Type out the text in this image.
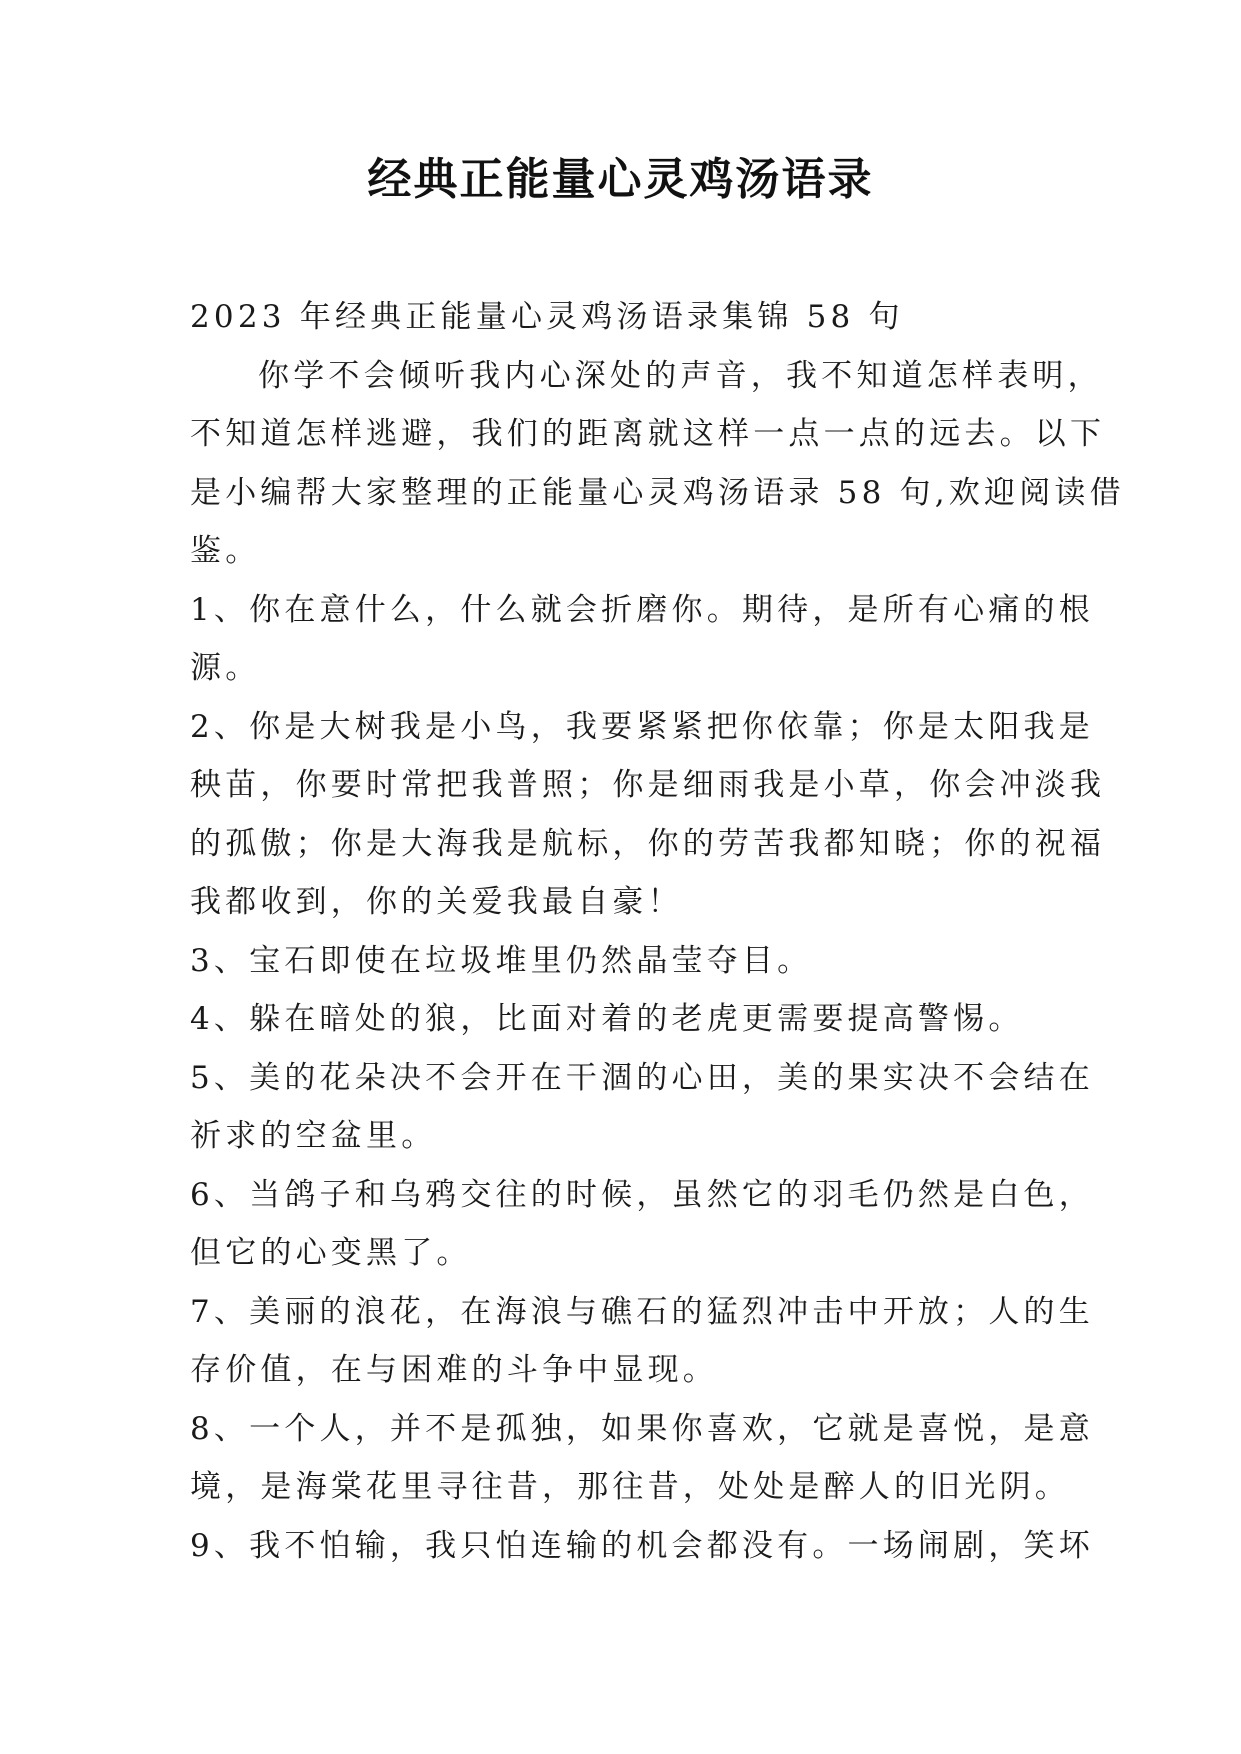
经典正能量心灵鸡汤语录
2023 年经典正能量心灵鸡汤语录集锦 58 句
你学不会倾听我内心深处的声音，我不知道怎样表明，
不知道怎样逃避，我们的距离就这样一点一点的远去。以下
是小编帮大家整理的正能量心灵鸡汤语录 58 句,欢迎阅读借
鉴。
1、你在意什么，什么就会折磨你。期待，是所有心痛的根
源。
2、你是大树我是小鸟，我要紧紧把你依靠；你是太阳我是
秧苗，你要时常把我普照；你是细雨我是小草，你会冲淡我
的孤傲；你是大海我是航标，你的劳苦我都知晓；你的祝福
我都收到，你的关爱我最自豪！
3、宝石即使在垃圾堆里仍然晶莹夺目。
4、躲在暗处的狼，比面对着的老虎更需要提高警惕。
5、美的花朵决不会开在干涸的心田，美的果实决不会结在
祈求的空盆里。
6、当鸽子和乌鸦交往的时候，虽然它的羽毛仍然是白色，
但它的心变黑了。
7、美丽的浪花，在海浪与礁石的猛烈冲击中开放；人的生
存价值，在与困难的斗争中显现。
8、一个人，并不是孤独，如果你喜欢，它就是喜悦，是意
境，是海棠花里寻往昔，那往昔，处处是醉人的旧光阴。
9、我不怕输，我只怕连输的机会都没有。一场闹剧，笑坏
